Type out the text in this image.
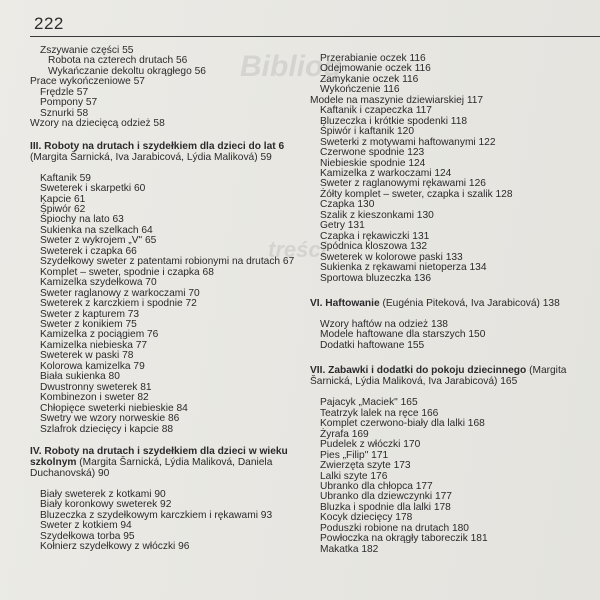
222
Bibliog
treści
Zszywanie części 55
Robota na czterech drutach 56
Wykańczanie dekoltu okrągłego 56
Prace wykończeniowe 57
Frędzle 57
Pompony 57
Sznurki 58
Wzory na dziecięcą odzież 58
III. Roboty na drutach i szydełkiem dla dzieci do lat 6 (Margita Šarnická, Iva Jarabicová, Lýdia Maliková) 59
Kaftanik 59
Sweterek i skarpetki 60
Kapcie 61
Śpiwór 62
Śpiochy na lato 63
Sukienka na szelkach 64
Sweter z wykrojem „V" 65
Sweterek i czapka 66
Szydełkowy sweter z patentami robionymi na drutach 67
Komplet – sweter, spodnie i czapka 68
Kamizelka szydełkowa 70
Sweter raglanowy z warkoczami 70
Sweterek z karczkiem i spodnie 72
Sweter z kapturem 73
Sweter z konikiem 75
Kamizelka z pociągiem 76
Kamizelka niebieska 77
Sweterek w paski 78
Kolorowa kamizelka 79
Biała sukienka 80
Dwustronny sweterek 81
Kombinezon i sweter 82
Chłopięce sweterki niebieskie 84
Swetry we wzory norweskie 86
Szlafrok dziecięcy i kapcie 88
IV. Roboty na drutach i szydełkiem dla dzieci w wieku szkolnym (Margita Šarnická, Lýdia Maliková, Daniela Duchanovská) 90
Biały sweterek z kotkami 90
Biały koronkowy sweterek 92
Bluzeczka z szydełkowym karczkiem i rękawami 93
Sweter z kotkiem 94
Szydełkowa torba 95
Kołnierz szydełkowy z włóczki 96
Przerabianie oczek 116
Odejmowanie oczek 116
Zamykanie oczek 116
Wykończenie 116
Modele na maszynie dziewiarskiej 117
Kaftanik i czapeczka 117
Bluzeczka i krótkie spodenki 118
Śpiwór i kaftanik 120
Sweterki z motywami haftowanymi 122
Czerwone spodnie 123
Niebieskie spodnie 124
Kamizelka z warkoczami 124
Sweter z raglanowymi rękawami 126
Żółty komplet – sweter, czapka i szalik 128
Czapka 130
Szalik z kieszonkami 130
Getry 131
Czapka i rękawiczki 131
Spódnica kloszowa 132
Sweterek w kolorowe paski 133
Sukienka z rękawami nietoperza 134
Sportowa bluzeczka 136
VI. Haftowanie (Eugénia Piteková, Iva Jarabicová) 138
Wzory haftów na odzież 138
Modele haftowane dla starszych 150
Dodatki haftowane 155
VII. Zabawki i dodatki do pokoju dziecinnego (Margita Šarnická, Lýdia Maliková, Iva Jarabicová) 165
Pajacyk „Maciek" 165
Teatrzyk lalek na ręce 166
Komplet czerwono-biały dla lalki 168
Żyrafa 169
Pudelek z włóczki 170
Pies „Filip" 171
Zwierzęta szyte 173
Lalki szyte 176
Ubranko dla chłopca 177
Ubranko dla dziewczynki 177
Bluzka i spodnie dla lalki 178
Kocyk dziecięcy 178
Poduszki robione na drutach 180
Powłoczka na okrągły taboreczik 181
Makatka 182
